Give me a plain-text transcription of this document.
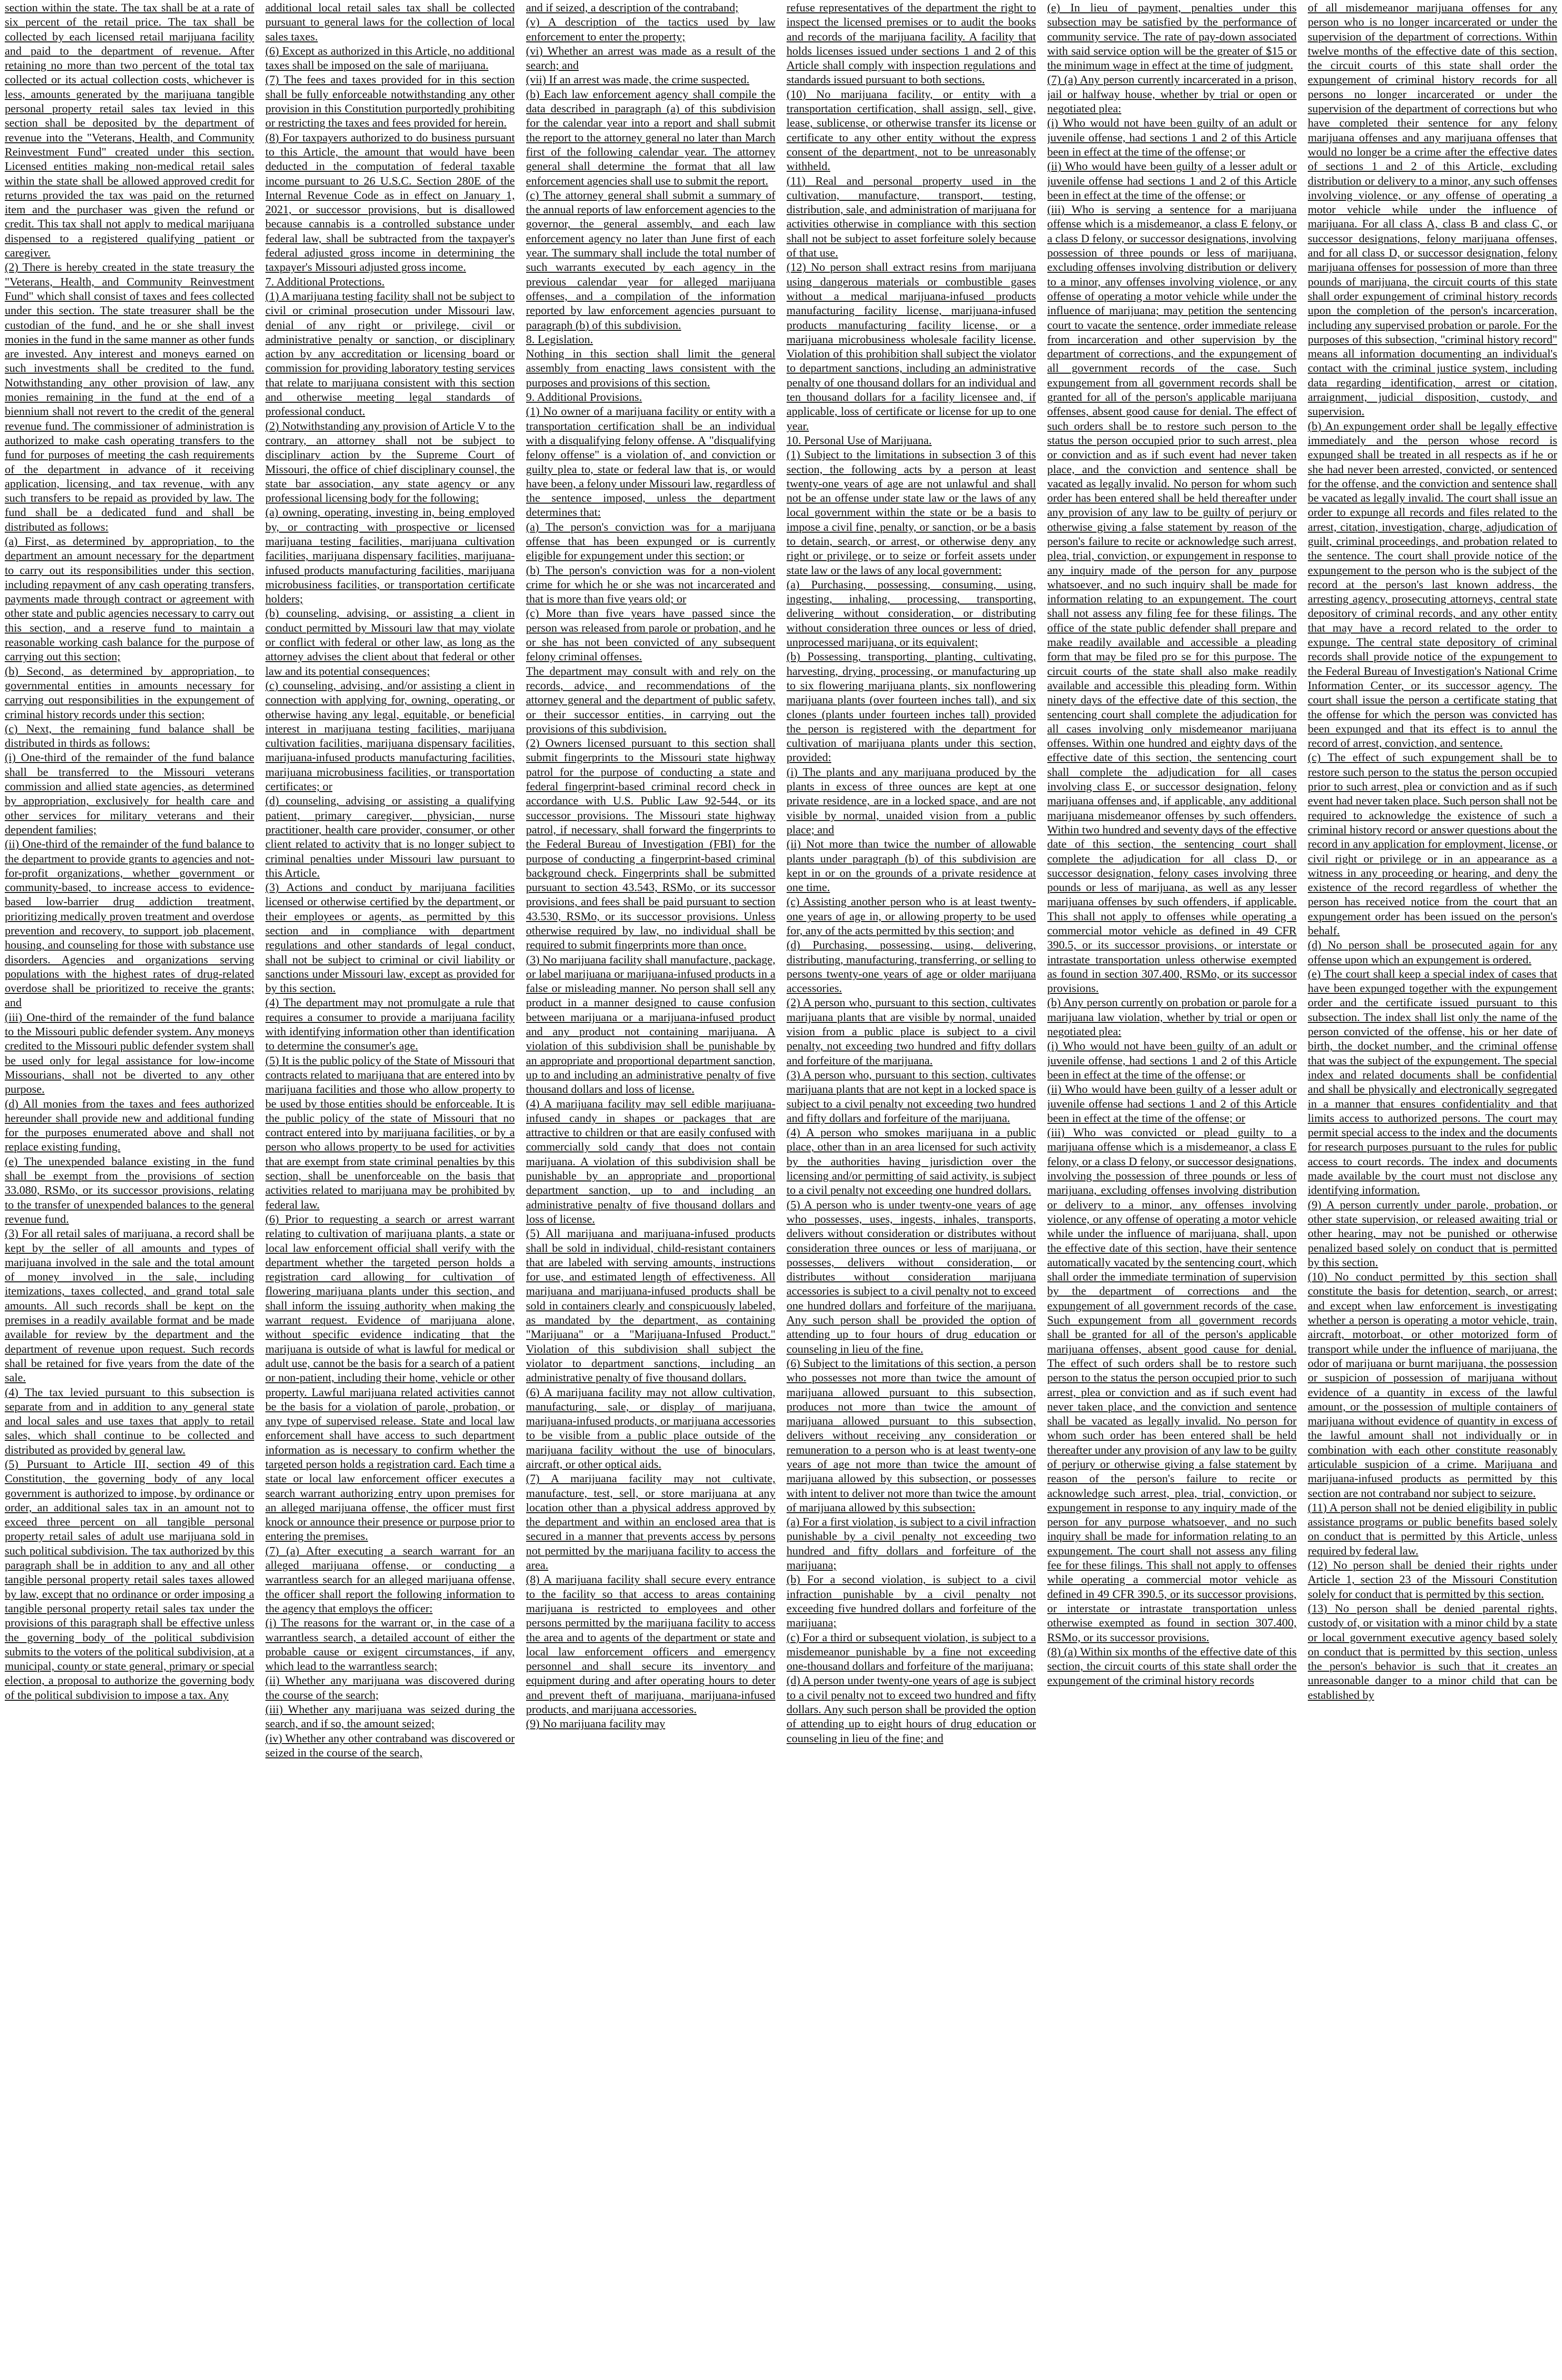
section within the state. The tax shall be at a rate of six percent of the retail price. The tax shall be collected by each licensed retail marijuana facility and paid to the department of revenue. After retaining no more than two percent of the total tax collected or its actual collection costs, whichever is less, amounts generated by the marijuana tangible personal property retail sales tax levied in this section shall be deposited by the department of revenue into the "Veterans, Health, and Community Reinvestment Fund" created under this section. Licensed entities making non-medical retail sales within the state shall be allowed approved credit for returns provided the tax was paid on the returned item and the purchaser was given the refund or credit. This tax shall not apply to medical marijuana dispensed to a registered qualifying patient or caregiver.

(2) There is hereby created in the state treasury the "Veterans, Health, and Community Reinvestment Fund" which shall consist of taxes and fees collected under this section. The state treasurer shall be the custodian of the fund, and he or she shall invest monies in the fund in the same manner as other funds are invested. Any interest and moneys earned on such investments shall be credited to the fund. Notwithstanding any other provision of law, any monies remaining in the fund at the end of a biennium shall not revert to the credit of the general revenue fund. The commissioner of administration is authorized to make cash operating transfers to the fund for purposes of meeting the cash requirements of the department in advance of it receiving application, licensing, and tax revenue, with any such transfers to be repaid as provided by law. The fund shall be a dedicated fund and shall be distributed as follows:

(a) First, as determined by appropriation, to the department an amount necessary for the department to carry out its responsibilities under this section, including repayment of any cash operating transfers, payments made through contract or agreement with other state and public agencies necessary to carry out this section, and a reserve fund to maintain a reasonable working cash balance for the purpose of carrying out this section;

(b) Second, as determined by appropriation, to governmental entities in amounts necessary for carrying out responsibilities in the expungement of criminal history records under this section;

(c) Next, the remaining fund balance shall be distributed in thirds as follows:

(i) One-third of the remainder of the fund balance shall be transferred to the Missouri veterans commission and allied state agencies, as determined by appropriation, exclusively for health care and other services for military veterans and their dependent families;

(ii) One-third of the remainder of the fund balance to the department to provide grants to agencies and not-for-profit organizations, whether government or community-based, to increase access to evidence-based low-barrier drug addiction treatment, prioritizing medically proven treatment and overdose prevention and recovery, to support job placement, housing, and counseling for those with substance use disorders. Agencies and organizations serving populations with the highest rates of drug-related overdose shall be prioritized to receive the grants; and

(iii) One-third of the remainder of the fund balance to the Missouri public defender system. Any moneys credited to the Missouri public defender system shall be used only for legal assistance for low-income Missourians, shall not be diverted to any other purpose.

(d) All monies from the taxes and fees authorized hereunder shall provide new and additional funding for the purposes enumerated above and shall not replace existing funding.

(e) The unexpended balance existing in the fund shall be exempt from the provisions of section 33.080, RSMo, or its successor provisions, relating to the transfer of unexpended balances to the general revenue fund.

(3) For all retail sales of marijuana, a record shall be kept by the seller of all amounts and types of marijuana involved in the sale and the total amount of money involved in the sale, including itemizations, taxes collected, and grand total sale amounts. All such records shall be kept on the premises in a readily available format and be made available for review by the department and the department of revenue upon request. Such records shall be retained for five years from the date of the sale.

(4) The tax levied pursuant to this subsection is separate from and in addition to any general state and local sales and use taxes that apply to retail sales, which shall continue to be collected and distributed as provided by general law.

(5) Pursuant to Article III, section 49 of this Constitution, the governing body of any local government is authorized to impose, by ordinance or order, an additional sales tax in an amount not to exceed three percent on all tangible personal property retail sales of adult use marijuana sold in such political subdivision. The tax authorized by this paragraph shall be in addition to any and all other tangible personal property retail sales taxes allowed by law, except that no ordinance or order imposing a tangible personal property retail sales tax under the provisions of this paragraph shall be effective unless the governing body of the political subdivision submits to the voters of the political subdivision, at a municipal, county or state general, primary or special election, a proposal to authorize the governing body of the political subdivision to impose a tax. Any

additional local retail sales tax shall be collected pursuant to general laws for the collection of local sales taxes.

(6) Except as authorized in this Article, no additional taxes shall be imposed on the sale of marijuana.

(7) The fees and taxes provided for in this section shall be fully enforceable notwithstanding any other provision in this Constitution purportedly prohibiting or restricting the taxes and fees provided for herein.

(8) For taxpayers authorized to do business pursuant to this Article, the amount that would have been deducted in the computation of federal taxable income pursuant to 26 U.S.C. Section 280E of the Internal Revenue Code as in effect on January 1, 2021, or successor provisions, but is disallowed because cannabis is a controlled substance under federal law, shall be subtracted from the taxpayer's federal adjusted gross income in determining the taxpayer's Missouri adjusted gross income.

7. Additional Protections.

(1) A marijuana testing facility shall not be subject to civil or criminal prosecution under Missouri law, denial of any right or privilege, civil or administrative penalty or sanction, or disciplinary action by any accreditation or licensing board or commission for providing laboratory testing services that relate to marijuana consistent with this section and otherwise meeting legal standards of professional conduct.

(2) Notwithstanding any provision of Article V to the contrary, an attorney shall not be subject to disciplinary action by the Supreme Court of Missouri, the office of chief disciplinary counsel, the state bar association, any state agency or any professional licensing body for the following:

(a) owning, operating, investing in, being employed by, or contracting with prospective or licensed marijuana testing facilities, marijuana cultivation facilities, marijuana dispensary facilities, marijuana-infused products manufacturing facilities, marijuana microbusiness facilities, or transportation certificate holders;

(b) counseling, advising, or assisting a client in conduct permitted by Missouri law that may violate or conflict with federal or other law, as long as the attorney advises the client about that federal or other law and its potential consequences;

(c) counseling, advising, and/or assisting a client in connection with applying for, owning, operating, or otherwise having any legal, equitable, or beneficial interest in marijuana testing facilities, marijuana cultivation facilities, marijuana dispensary facilities, marijuana-infused products manufacturing facilities, marijuana microbusiness facilities, or transportation certificates; or

(d) counseling, advising or assisting a qualifying patient, primary caregiver, physician, nurse practitioner, health care provider, consumer, or other client related to activity that is no longer subject to criminal penalties under Missouri law pursuant to this Article.

(3) Actions and conduct by marijuana facilities licensed or otherwise certified by the department, or their employees or agents, as permitted by this section and in compliance with department regulations and other standards of legal conduct, shall not be subject to criminal or civil liability or sanctions under Missouri law, except as provided for by this section.

(4) The department may not promulgate a rule that requires a consumer to provide a marijuana facility with identifying information other than identification to determine the consumer's age.

(5) It is the public policy of the State of Missouri that contracts related to marijuana that are entered into by marijuana facilities and those who allow property to be used by those entities should be enforceable. It is the public policy of the state of Missouri that no contract entered into by marijuana facilities, or by a person who allows property to be used for activities that are exempt from state criminal penalties by this section, shall be unenforceable on the basis that activities related to marijuana may be prohibited by federal law.

(6) Prior to requesting a search or arrest warrant relating to cultivation of marijuana plants, a state or local law enforcement official shall verify with the department whether the targeted person holds a registration card allowing for cultivation of flowering marijuana plants under this section, and shall inform the issuing authority when making the warrant request. Evidence of marijuana alone, without specific evidence indicating that the marijuana is outside of what is lawful for medical or adult use, cannot be the basis for a search of a patient or non-patient, including their home, vehicle or other property. Lawful marijuana related activities cannot be the basis for a violation of parole, probation, or any type of supervised release. State and local law enforcement shall have access to such department information as is necessary to confirm whether the targeted person holds a registration card. Each time a state or local law enforcement officer executes a search warrant authorizing entry upon premises for an alleged marijuana offense, the officer must first knock or announce their presence or purpose prior to entering the premises.

(7) (a) After executing a search warrant for an alleged marijuana offense, or conducting a warrantless search for an alleged marijuana offense, the officer shall report the following information to the agency that employs the officer:

(i) The reasons for the warrant or, in the case of a warrantless search, a detailed account of either the probable cause or exigent circumstances, if any, which lead to the warrantless search;

(ii) Whether any marijuana was discovered during the course of the search;

(iii) Whether any marijuana was seized during the search, and if so, the amount seized;

(iv) Whether any other contraband was discovered or seized in the course of the search,

and if seized, a description of the contraband;

(v) A description of the tactics used by law enforcement to enter the property;

(vi) Whether an arrest was made as a result of the search; and

(vii) If an arrest was made, the crime suspected.

(b) Each law enforcement agency shall compile the data described in paragraph (a) of this subdivision for the calendar year into a report and shall submit the report to the attorney general no later than March first of the following calendar year. The attorney general shall determine the format that all law enforcement agencies shall use to submit the report.

(c) The attorney general shall submit a summary of the annual reports of law enforcement agencies to the governor, the general assembly, and each law enforcement agency no later than June first of each year. The summary shall include the total number of such warrants executed by each agency in the previous calendar year for alleged marijuana offenses, and a compilation of the information reported by law enforcement agencies pursuant to paragraph (b) of this subdivision.

8. Legislation.

Nothing in this section shall limit the general assembly from enacting laws consistent with the purposes and provisions of this section.

9. Additional Provisions.

(1) No owner of a marijuana facility or entity with a transportation certification shall be an individual with a disqualifying felony offense. A "disqualifying felony offense" is a violation of, and conviction or guilty plea to, state or federal law that is, or would have been, a felony under Missouri law, regardless of the sentence imposed, unless the department determines that:

(a) The person's conviction was for a marijuana offense that has been expunged or is currently eligible for expungement under this section; or

(b) The person's conviction was for a non-violent crime for which he or she was not incarcerated and that is more than five years old; or

(c) More than five years have passed since the person was released from parole or probation, and he or she has not been convicted of any subsequent felony criminal offenses.

The department may consult with and rely on the records, advice, and recommendations of the attorney general and the department of public safety, or their successor entities, in carrying out the provisions of this subdivision.

(2) Owners licensed pursuant to this section shall submit fingerprints to the Missouri state highway patrol for the purpose of conducting a state and federal fingerprint-based criminal record check in accordance with U.S. Public Law 92-544, or its successor provisions. The Missouri state highway patrol, if necessary, shall forward the fingerprints to the Federal Bureau of Investigation (FBI) for the purpose of conducting a fingerprint-based criminal background check. Fingerprints shall be submitted pursuant to section 43.543, RSMo, or its successor provisions, and fees shall be paid pursuant to section 43.530, RSMo, or its successor provisions. Unless otherwise required by law, no individual shall be required to submit fingerprints more than once.

(3) No marijuana facility shall manufacture, package, or label marijuana or marijuana-infused products in a false or misleading manner. No person shall sell any product in a manner designed to cause confusion between marijuana or a marijuana-infused product and any product not containing marijuana. A violation of this subdivision shall be punishable by an appropriate and proportional department sanction, up to and including an administrative penalty of five thousand dollars and loss of license.

(4) A marijuana facility may sell edible marijuana-infused candy in shapes or packages that are attractive to children or that are easily confused with commercially sold candy that does not contain marijuana. A violation of this subdivision shall be punishable by an appropriate and proportional department sanction, up to and including an administrative penalty of five thousand dollars and loss of license.

(5) All marijuana and marijuana-infused products shall be sold in individual, child-resistant containers that are labeled with serving amounts, instructions for use, and estimated length of effectiveness. All marijuana and marijuana-infused products shall be sold in containers clearly and conspicuously labeled, as mandated by the department, as containing "Marijuana" or a "Marijuana-Infused Product." Violation of this subdivision shall subject the violator to department sanctions, including an administrative penalty of five thousand dollars.

(6) A marijuana facility may not allow cultivation, manufacturing, sale, or display of marijuana, marijuana-infused products, or marijuana accessories to be visible from a public place outside of the marijuana facility without the use of binoculars, aircraft, or other optical aids.

(7) A marijuana facility may not cultivate, manufacture, test, sell, or store marijuana at any location other than a physical address approved by the department and within an enclosed area that is secured in a manner that prevents access by persons not permitted by the marijuana facility to access the area.

(8) A marijuana facility shall secure every entrance to the facility so that access to areas containing marijuana is restricted to employees and other persons permitted by the marijuana facility to access the area and to agents of the department or state and local law enforcement officers and emergency personnel and shall secure its inventory and equipment during and after operating hours to deter and prevent theft of marijuana, marijuana-infused products, and marijuana accessories.

(9) No marijuana facility may

refuse representatives of the department the right to inspect the licensed premises or to audit the books and records of the marijuana facility. A facility that holds licenses issued under sections 1 and 2 of this Article shall comply with inspection regulations and standards issued pursuant to both sections.

(10) No marijuana facility, or entity with a transportation certification, shall assign, sell, give, lease, sublicense, or otherwise transfer its license or certificate to any other entity without the express consent of the department, not to be unreasonably withheld.

(11) Real and personal property used in the cultivation, manufacture, transport, testing, distribution, sale, and administration of marijuana for activities otherwise in compliance with this section shall not be subject to asset forfeiture solely because of that use.

(12) No person shall extract resins from marijuana using dangerous materials or combustible gases without a medical marijuana-infused products manufacturing facility license, marijuana-infused products manufacturing facility license, or a marijuana microbusiness wholesale facility license. Violation of this prohibition shall subject the violator to department sanctions, including an administrative penalty of one thousand dollars for an individual and ten thousand dollars for a facility licensee and, if applicable, loss of certificate or license for up to one year.

10. Personal Use of Marijuana.

(1) Subject to the limitations in subsection 3 of this section, the following acts by a person at least twenty-one years of age are not unlawful and shall not be an offense under state law or the laws of any local government within the state or be a basis to impose a civil fine, penalty, or sanction, or be a basis to detain, search, or arrest, or otherwise deny any right or privilege, or to seize or forfeit assets under state law or the laws of any local government:

(a) Purchasing, possessing, consuming, using, ingesting, inhaling, processing, transporting, delivering without consideration, or distributing without consideration three ounces or less of dried, unprocessed marijuana, or its equivalent;

(b) Possessing, transporting, planting, cultivating, harvesting, drying, processing, or manufacturing up to six flowering marijuana plants, six nonflowering marijuana plants (over fourteen inches tall), and six clones (plants under fourteen inches tall) provided the person is registered with the department for cultivation of marijuana plants under this section, provided:

(i) The plants and any marijuana produced by the plants in excess of three ounces are kept at one private residence, are in a locked space, and are not visible by normal, unaided vision from a public place; and

(ii) Not more than twice the number of allowable plants under paragraph (b) of this subdivision are kept in or on the grounds of a private residence at one time.

(c) Assisting another person who is at least twenty-one years of age in, or allowing property to be used for, any of the acts permitted by this section; and

(d) Purchasing, possessing, using, delivering, distributing, manufacturing, transferring, or selling to persons twenty-one years of age or older marijuana accessories.

(2) A person who, pursuant to this section, cultivates marijuana plants that are visible by normal, unaided vision from a public place is subject to a civil penalty, not exceeding two hundred and fifty dollars and forfeiture of the marijuana.

(3) A person who, pursuant to this section, cultivates marijuana plants that are not kept in a locked space is subject to a civil penalty not exceeding two hundred and fifty dollars and forfeiture of the marijuana.

(4) A person who smokes marijuana in a public place, other than in an area licensed for such activity by the authorities having jurisdiction over the licensing and/or permitting of said activity, is subject to a civil penalty not exceeding one hundred dollars.

(5) A person who is under twenty-one years of age who possesses, uses, ingests, inhales, transports, delivers without consideration or distributes without consideration three ounces or less of marijuana, or possesses, delivers without consideration, or distributes without consideration marijuana accessories is subject to a civil penalty not to exceed one hundred dollars and forfeiture of the marijuana. Any such person shall be provided the option of attending up to four hours of drug education or counseling in lieu of the fine.

(6) Subject to the limitations of this section, a person who possesses not more than twice the amount of marijuana allowed pursuant to this subsection, produces not more than twice the amount of marijuana allowed pursuant to this subsection, delivers without receiving any consideration or remuneration to a person who is at least twenty-one years of age not more than twice the amount of marijuana allowed by this subsection, or possesses with intent to deliver not more than twice the amount of marijuana allowed by this subsection:

(a) For a first violation, is subject to a civil infraction punishable by a civil penalty not exceeding two hundred and fifty dollars and forfeiture of the marijuana;

(b) For a second violation, is subject to a civil infraction punishable by a civil penalty not exceeding five hundred dollars and forfeiture of the marijuana;

(c) For a third or subsequent violation, is subject to a misdemeanor punishable by a fine not exceeding one-thousand dollars and forfeiture of the marijuana;

(d) A person under twenty-one years of age is subject to a civil penalty not to exceed two hundred and fifty dollars. Any such person shall be provided the option of attending up to eight hours of drug education or counseling in lieu of the fine; and

(e) In lieu of payment, penalties under this subsection may be satisfied by the performance of community service. The rate of pay-down associated with said service option will be the greater of $15 or the minimum wage in effect at the time of judgment.

(7) (a) Any person currently incarcerated in a prison, jail or halfway house, whether by trial or open or negotiated plea:

(i) Who would not have been guilty of an adult or juvenile offense, had sections 1 and 2 of this Article been in effect at the time of the offense; or

(ii) Who would have been guilty of a lesser adult or juvenile offense had sections 1 and 2 of this Article been in effect at the time of the offense; or

(iii) Who is serving a sentence for a marijuana offense which is a misdemeanor, a class E felony, or a class D felony, or successor designations, involving possession of three pounds or less of marijuana, excluding offenses involving distribution or delivery to a minor, any offenses involving violence, or any offense of operating a motor vehicle while under the influence of marijuana; may petition the sentencing court to vacate the sentence, order immediate release from incarceration and other supervision by the department of corrections, and the expungement of all government records of the case. Such expungement from all government records shall be granted for all of the person's applicable marijuana offenses, absent good cause for denial. The effect of such orders shall be to restore such person to the status the person occupied prior to such arrest, plea or conviction and as if such event had never taken place, and the conviction and sentence shall be vacated as legally invalid. No person for whom such order has been entered shall be held thereafter under any provision of any law to be guilty of perjury or otherwise giving a false statement by reason of the person's failure to recite or acknowledge such arrest, plea, trial, conviction, or expungement in response to any inquiry made of the person for any purpose whatsoever, and no such inquiry shall be made for information relating to an expungement. The court shall not assess any filing fee for these filings. The office of the state public defender shall prepare and make readily available and accessible a pleading form that may be filed pro se for this purpose. The circuit courts of the state shall also make readily available and accessible this pleading form. Within ninety days of the effective date of this section, the sentencing court shall complete the adjudication for all cases involving only misdemeanor marijuana offenses. Within one hundred and eighty days of the effective date of this section, the sentencing court shall complete the adjudication for all cases involving class E, or successor designation, felony marijuana offenses and, if applicable, any additional marijuana misdemeanor offenses by such offenders. Within two hundred and seventy days of the effective date of this section, the sentencing court shall complete the adjudication for all class D, or successor designation, felony cases involving three pounds or less of marijuana, as well as any lesser marijuana offenses by such offenders, if applicable. This shall not apply to offenses while operating a commercial motor vehicle as defined in 49 CFR 390.5, or its successor provisions, or interstate or intrastate transportation unless otherwise exempted as found in section 307.400, RSMo, or its successor provisions.

(b) Any person currently on probation or parole for a marijuana law violation, whether by trial or open or negotiated plea:

(i) Who would not have been guilty of an adult or juvenile offense, had sections 1 and 2 of this Article been in effect at the time of the offense; or

(ii) Who would have been guilty of a lesser adult or juvenile offense had sections 1 and 2 of this Article been in effect at the time of the offense; or

(iii) Who was convicted or plead guilty to a marijuana offense which is a misdemeanor, a class E felony, or a class D felony, or successor designations, involving the possession of three pounds or less of marijuana, excluding offenses involving distribution or delivery to a minor, any offenses involving violence, or any offense of operating a motor vehicle while under the influence of marijuana, shall, upon the effective date of this section, have their sentence automatically vacated by the sentencing court, which shall order the immediate termination of supervision by the department of corrections and the expungement of all government records of the case. Such expungement from all government records shall be granted for all of the person's applicable marijuana offenses, absent good cause for denial. The effect of such orders shall be to restore such person to the status the person occupied prior to such arrest, plea or conviction and as if such event had never taken place, and the conviction and sentence shall be vacated as legally invalid. No person for whom such order has been entered shall be held thereafter under any provision of any law to be guilty of perjury or otherwise giving a false statement by reason of the person's failure to recite or acknowledge such arrest, plea, trial, conviction, or expungement in response to any inquiry made of the person for any purpose whatsoever, and no such inquiry shall be made for information relating to an expungement. The court shall not assess any filing fee for these filings. This shall not apply to offenses while operating a commercial motor vehicle as defined in 49 CFR 390.5, or its successor provisions, or interstate or intrastate transportation unless otherwise exempted as found in section 307.400, RSMo, or its successor provisions.

(8) (a) Within six months of the effective date of this section, the circuit courts of this state shall order the expungement of the criminal history records

of all misdemeanor marijuana offenses for any person who is no longer incarcerated or under the supervision of the department of corrections. Within twelve months of the effective date of this section, the circuit courts of this state shall order the expungement of criminal history records for all persons no longer incarcerated or under the supervision of the department of corrections but who have completed their sentence for any felony marijuana offenses and any marijuana offenses that would no longer be a crime after the effective dates of sections 1 and 2 of this Article, excluding distribution or delivery to a minor, any such offenses involving violence, or any offense of operating a motor vehicle while under the influence of marijuana. For all class A, class B and class C, or successor designations, felony marijuana offenses, and for all class D, or successor designation, felony marijuana offenses for possession of more than three pounds of marijuana, the circuit courts of this state shall order expungement of criminal history records upon the completion of the person's incarceration, including any supervised probation or parole. For the purposes of this subsection, "criminal history record" means all information documenting an individual's contact with the criminal justice system, including data regarding identification, arrest or citation, arraignment, judicial disposition, custody, and supervision.

(b) An expungement order shall be legally effective immediately and the person whose record is expunged shall be treated in all respects as if he or she had never been arrested, convicted, or sentenced for the offense, and the conviction and sentence shall be vacated as legally invalid. The court shall issue an order to expunge all records and files related to the arrest, citation, investigation, charge, adjudication of guilt, criminal proceedings, and probation related to the sentence. The court shall provide notice of the expungement to the person who is the subject of the record at the person's last known address, the arresting agency, prosecuting attorneys, central state depository of criminal records, and any other entity that may have a record related to the order to expunge. The central state depository of criminal records shall provide notice of the expungement to the Federal Bureau of Investigation's National Crime Information Center, or its successor agency. The court shall issue the person a certificate stating that the offense for which the person was convicted has been expunged and that its effect is to annul the record of arrest, conviction, and sentence.

(c) The effect of such expungement shall be to restore such person to the status the person occupied prior to such arrest, plea or conviction and as if such event had never taken place. Such person shall not be required to acknowledge the existence of such a criminal history record or answer questions about the record in any application for employment, license, or civil right or privilege or in an appearance as a witness in any proceeding or hearing, and deny the existence of the record regardless of whether the person has received notice from the court that an expungement order has been issued on the person's behalf.

(d) No person shall be prosecuted again for any offense upon which an expungement is ordered.

(e) The court shall keep a special index of cases that have been expunged together with the expungement order and the certificate issued pursuant to this subsection. The index shall list only the name of the person convicted of the offense, his or her date of birth, the docket number, and the criminal offense that was the subject of the expungement. The special index and related documents shall be confidential and shall be physically and electronically segregated in a manner that ensures confidentiality and that limits access to authorized persons. The court may permit special access to the index and the documents for research purposes pursuant to the rules for public access to court records. The index and documents made available by the court must not disclose any identifying information.

(9) A person currently under parole, probation, or other state supervision, or released awaiting trial or other hearing, may not be punished or otherwise penalized based solely on conduct that is permitted by this section.

(10) No conduct permitted by this section shall constitute the basis for detention, search, or arrest; and except when law enforcement is investigating whether a person is operating a motor vehicle, train, aircraft, motorboat, or other motorized form of transport while under the influence of marijuana, the odor of marijuana or burnt marijuana, the possession or suspicion of possession of marijuana without evidence of a quantity in excess of the lawful amount, or the possession of multiple containers of marijuana without evidence of quantity in excess of the lawful amount shall not individually or in combination with each other constitute reasonably articulable suspicion of a crime. Marijuana and marijuana-infused products as permitted by this section are not contraband nor subject to seizure.

(11) A person shall not be denied eligibility in public assistance programs or public benefits based solely on conduct that is permitted by this Article, unless required by federal law.

(12) No person shall be denied their rights under Article 1, section 23 of the Missouri Constitution solely for conduct that is permitted by this section.

(13) No person shall be denied parental rights, custody of, or visitation with a minor child by a state or local government executive agency based solely on conduct that is permitted by this section, unless the person's behavior is such that it creates an unreasonable danger to a minor child that can be established by
